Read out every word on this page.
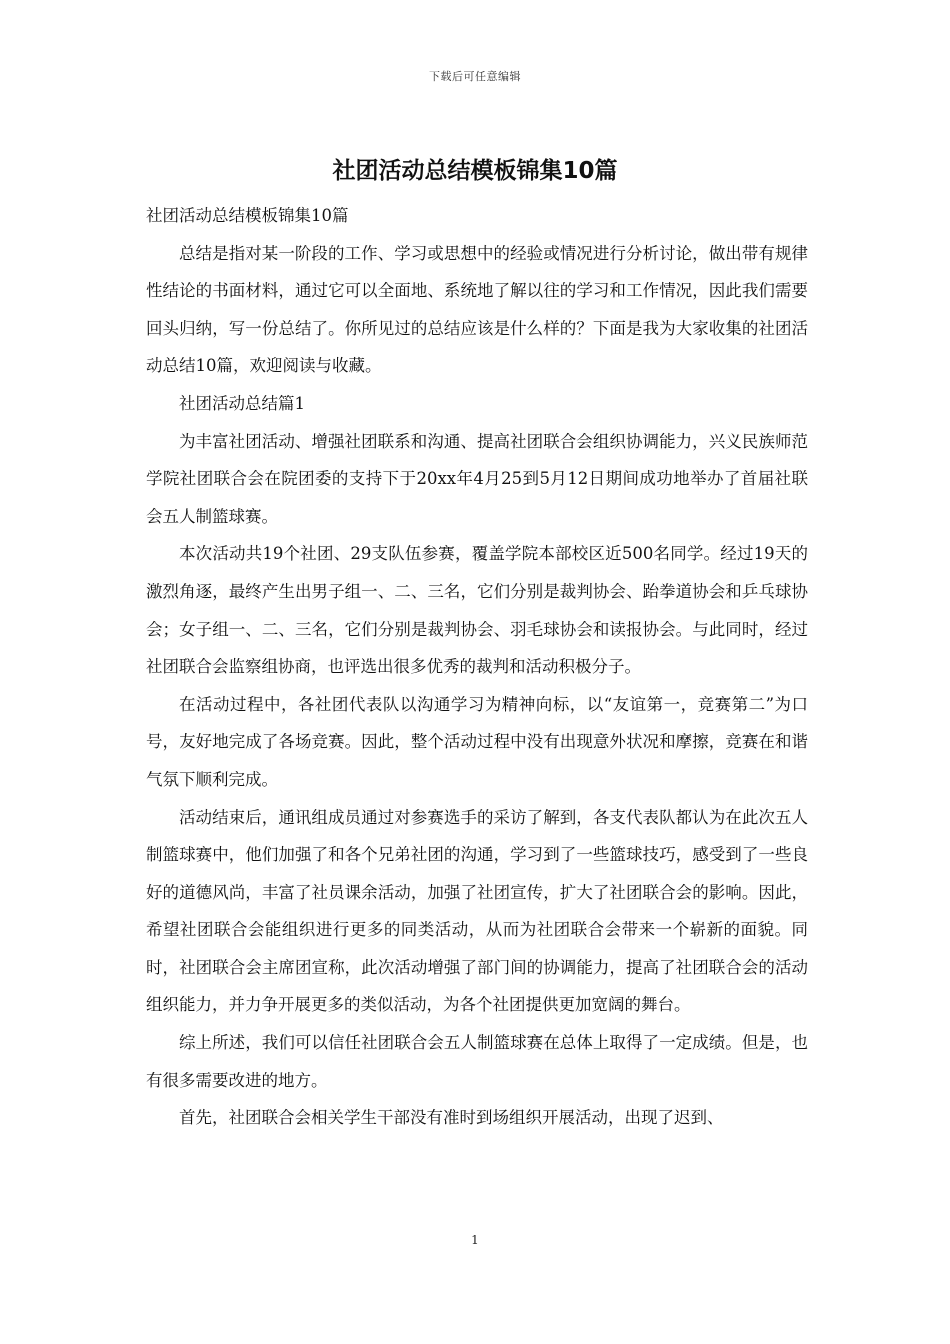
下载后可任意编辑
社团活动总结模板锦集10篇

社团活动总结模板锦集10篇

总结是指对某一阶段的工作、学习或思想中的经验或情况进行分析讨论，做出带有规律性结论的书面材料，通过它可以全面地、系统地了解以往的学习和工作情况，因此我们需要回头归纳，写一份总结了。你所见过的总结应该是什么样的？下面是我为大家收集的社团活动总结10篇，欢迎阅读与收藏。

社团活动总结篇1

为丰富社团活动、增强社团联系和沟通、提高社团联合会组织协调能力，兴义民族师范学院社团联合会在院团委的支持下于20xx年4月25到5月12日期间成功地举办了首届社联会五人制篮球赛。

本次活动共19个社团、29支队伍参赛，覆盖学院本部校区近500名同学。经过19天的激烈角逐，最终产生出男子组一、二、三名，它们分别是裁判协会、跆拳道协会和乒乓球协会；女子组一、二、三名，它们分别是裁判协会、羽毛球协会和读报协会。与此同时，经过社团联合会监察组协商，也评选出很多优秀的裁判和活动积极分子。

在活动过程中，各社团代表队以沟通学习为精神向标，以“友谊第一，竞赛第二”为口号，友好地完成了各场竞赛。因此，整个活动过程中没有出现意外状况和摩擦，竞赛在和谐气氛下顺利完成。

活动结束后，通讯组成员通过对参赛选手的采访了解到，各支代表队都认为在此次五人制篮球赛中，他们加强了和各个兄弟社团的沟通，学习到了一些篮球技巧，感受到了一些良好的道德风尚，丰富了社员课余活动，加强了社团宣传，扩大了社团联合会的影响。因此，希望社团联合会能组织进行更多的同类活动，从而为社团联合会带来一个崭新的面貌。同时，社团联合会主席团宣称，此次活动增强了部门间的协调能力，提高了社团联合会的活动组织能力，并力争开展更多的类似活动，为各个社团提供更加宽阔的舞台。

综上所述，我们可以信任社团联合会五人制篮球赛在总体上取得了一定成绩。但是，也有很多需要改进的地方。

首先，社团联合会相关学生干部没有准时到场组织开展活动，出现了迟到、

1
